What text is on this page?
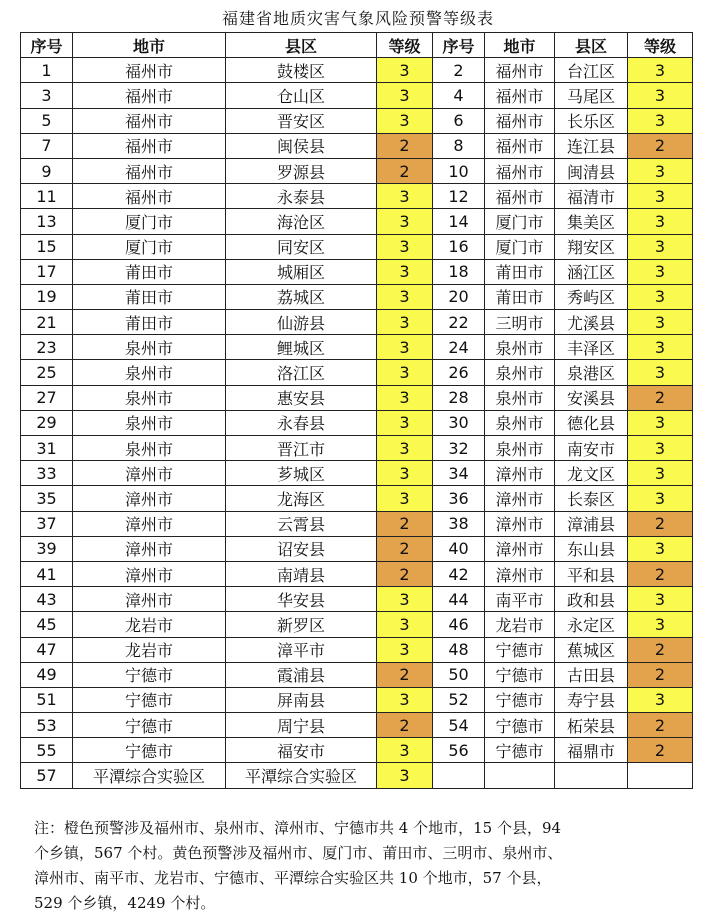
福建省地质灾害气象风险预警等级表
序号	地市	县区	等级	序号	地市	县区	等级
1	福州市	鼓楼区	3	2	福州市	台江区	3
3	福州市	仓山区	3	4	福州市	马尾区	3
5	福州市	晋安区	3	6	福州市	长乐区	3
7	福州市	闽侯县	2	8	福州市	连江县	2
9	福州市	罗源县	2	10	福州市	闽清县	3
11	福州市	永泰县	3	12	福州市	福清市	3
13	厦门市	海沧区	3	14	厦门市	集美区	3
15	厦门市	同安区	3	16	厦门市	翔安区	3
17	莆田市	城厢区	3	18	莆田市	涵江区	3
19	莆田市	荔城区	3	20	莆田市	秀屿区	3
21	莆田市	仙游县	3	22	三明市	尤溪县	3
23	泉州市	鲤城区	3	24	泉州市	丰泽区	3
25	泉州市	洛江区	3	26	泉州市	泉港区	3
27	泉州市	惠安县	3	28	泉州市	安溪县	2
29	泉州市	永春县	3	30	泉州市	德化县	3
31	泉州市	晋江市	3	32	泉州市	南安市	3
33	漳州市	芗城区	3	34	漳州市	龙文区	3
35	漳州市	龙海区	3	36	漳州市	长泰区	3
37	漳州市	云霄县	2	38	漳州市	漳浦县	2
39	漳州市	诏安县	2	40	漳州市	东山县	3
41	漳州市	南靖县	2	42	漳州市	平和县	2
43	漳州市	华安县	3	44	南平市	政和县	3
45	龙岩市	新罗区	3	46	龙岩市	永定区	3
47	龙岩市	漳平市	3	48	宁德市	蕉城区	2
49	宁德市	霞浦县	2	50	宁德市	古田县	2
51	宁德市	屏南县	3	52	宁德市	寿宁县	3
53	宁德市	周宁县	2	54	宁德市	柘荣县	2
55	宁德市	福安市	3	56	宁德市	福鼎市	2
57	平潭综合实验区	平潭综合实验区	3				
注：橙色预警涉及福州市、泉州市、漳州市、宁德市共 4 个地市，15 个县，94
个乡镇，567 个村。黄色预警涉及福州市、厦门市、莆田市、三明市、泉州市、
漳州市、南平市、龙岩市、宁德市、平潭综合实验区共 10 个地市，57 个县，
529 个乡镇，4249 个村。
